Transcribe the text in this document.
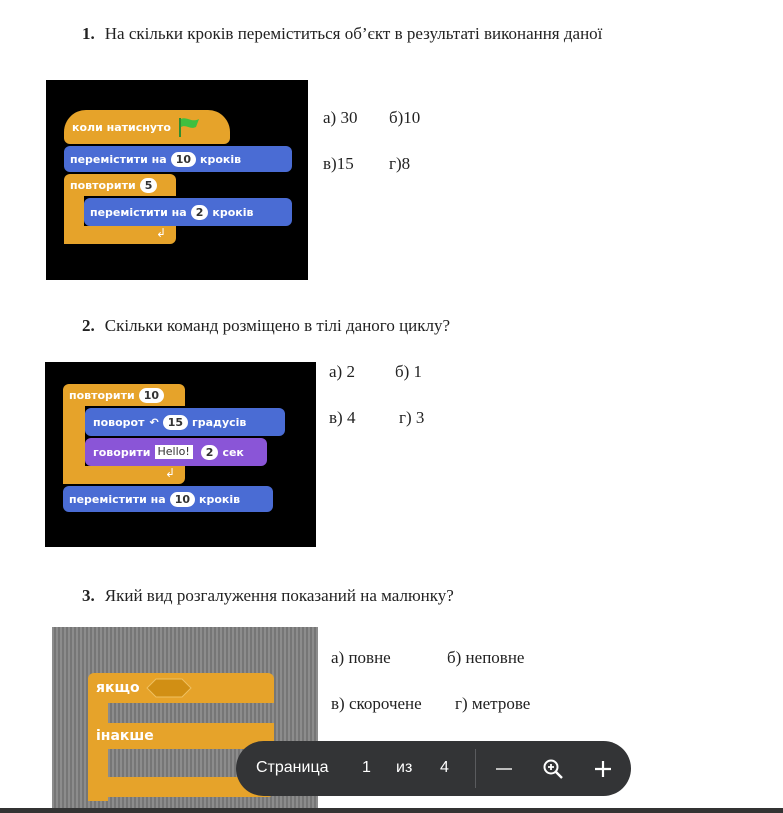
1. На скільки кроків переміститься об’єкт в результаті виконання даної
коли натиснуто
перемістити на 10 кроків
повторити 5
перемістити на 2 кроків
↲
а) 30 б)10
в)15 г)8
2. Скільки команд розміщено в тілі даного циклу?
повторити 10
поворот ↶ 15 градусів
говорити Hello!	2 сек
↲
перемістити на 10 кроків
а) 2 б) 1
в) 4	г) 3
3. Який вид розгалуження показаний на малюнку?
якщо
інакше
а) повне	б) неповне
в) скорочене г) метрове
Страница 1 из 4
